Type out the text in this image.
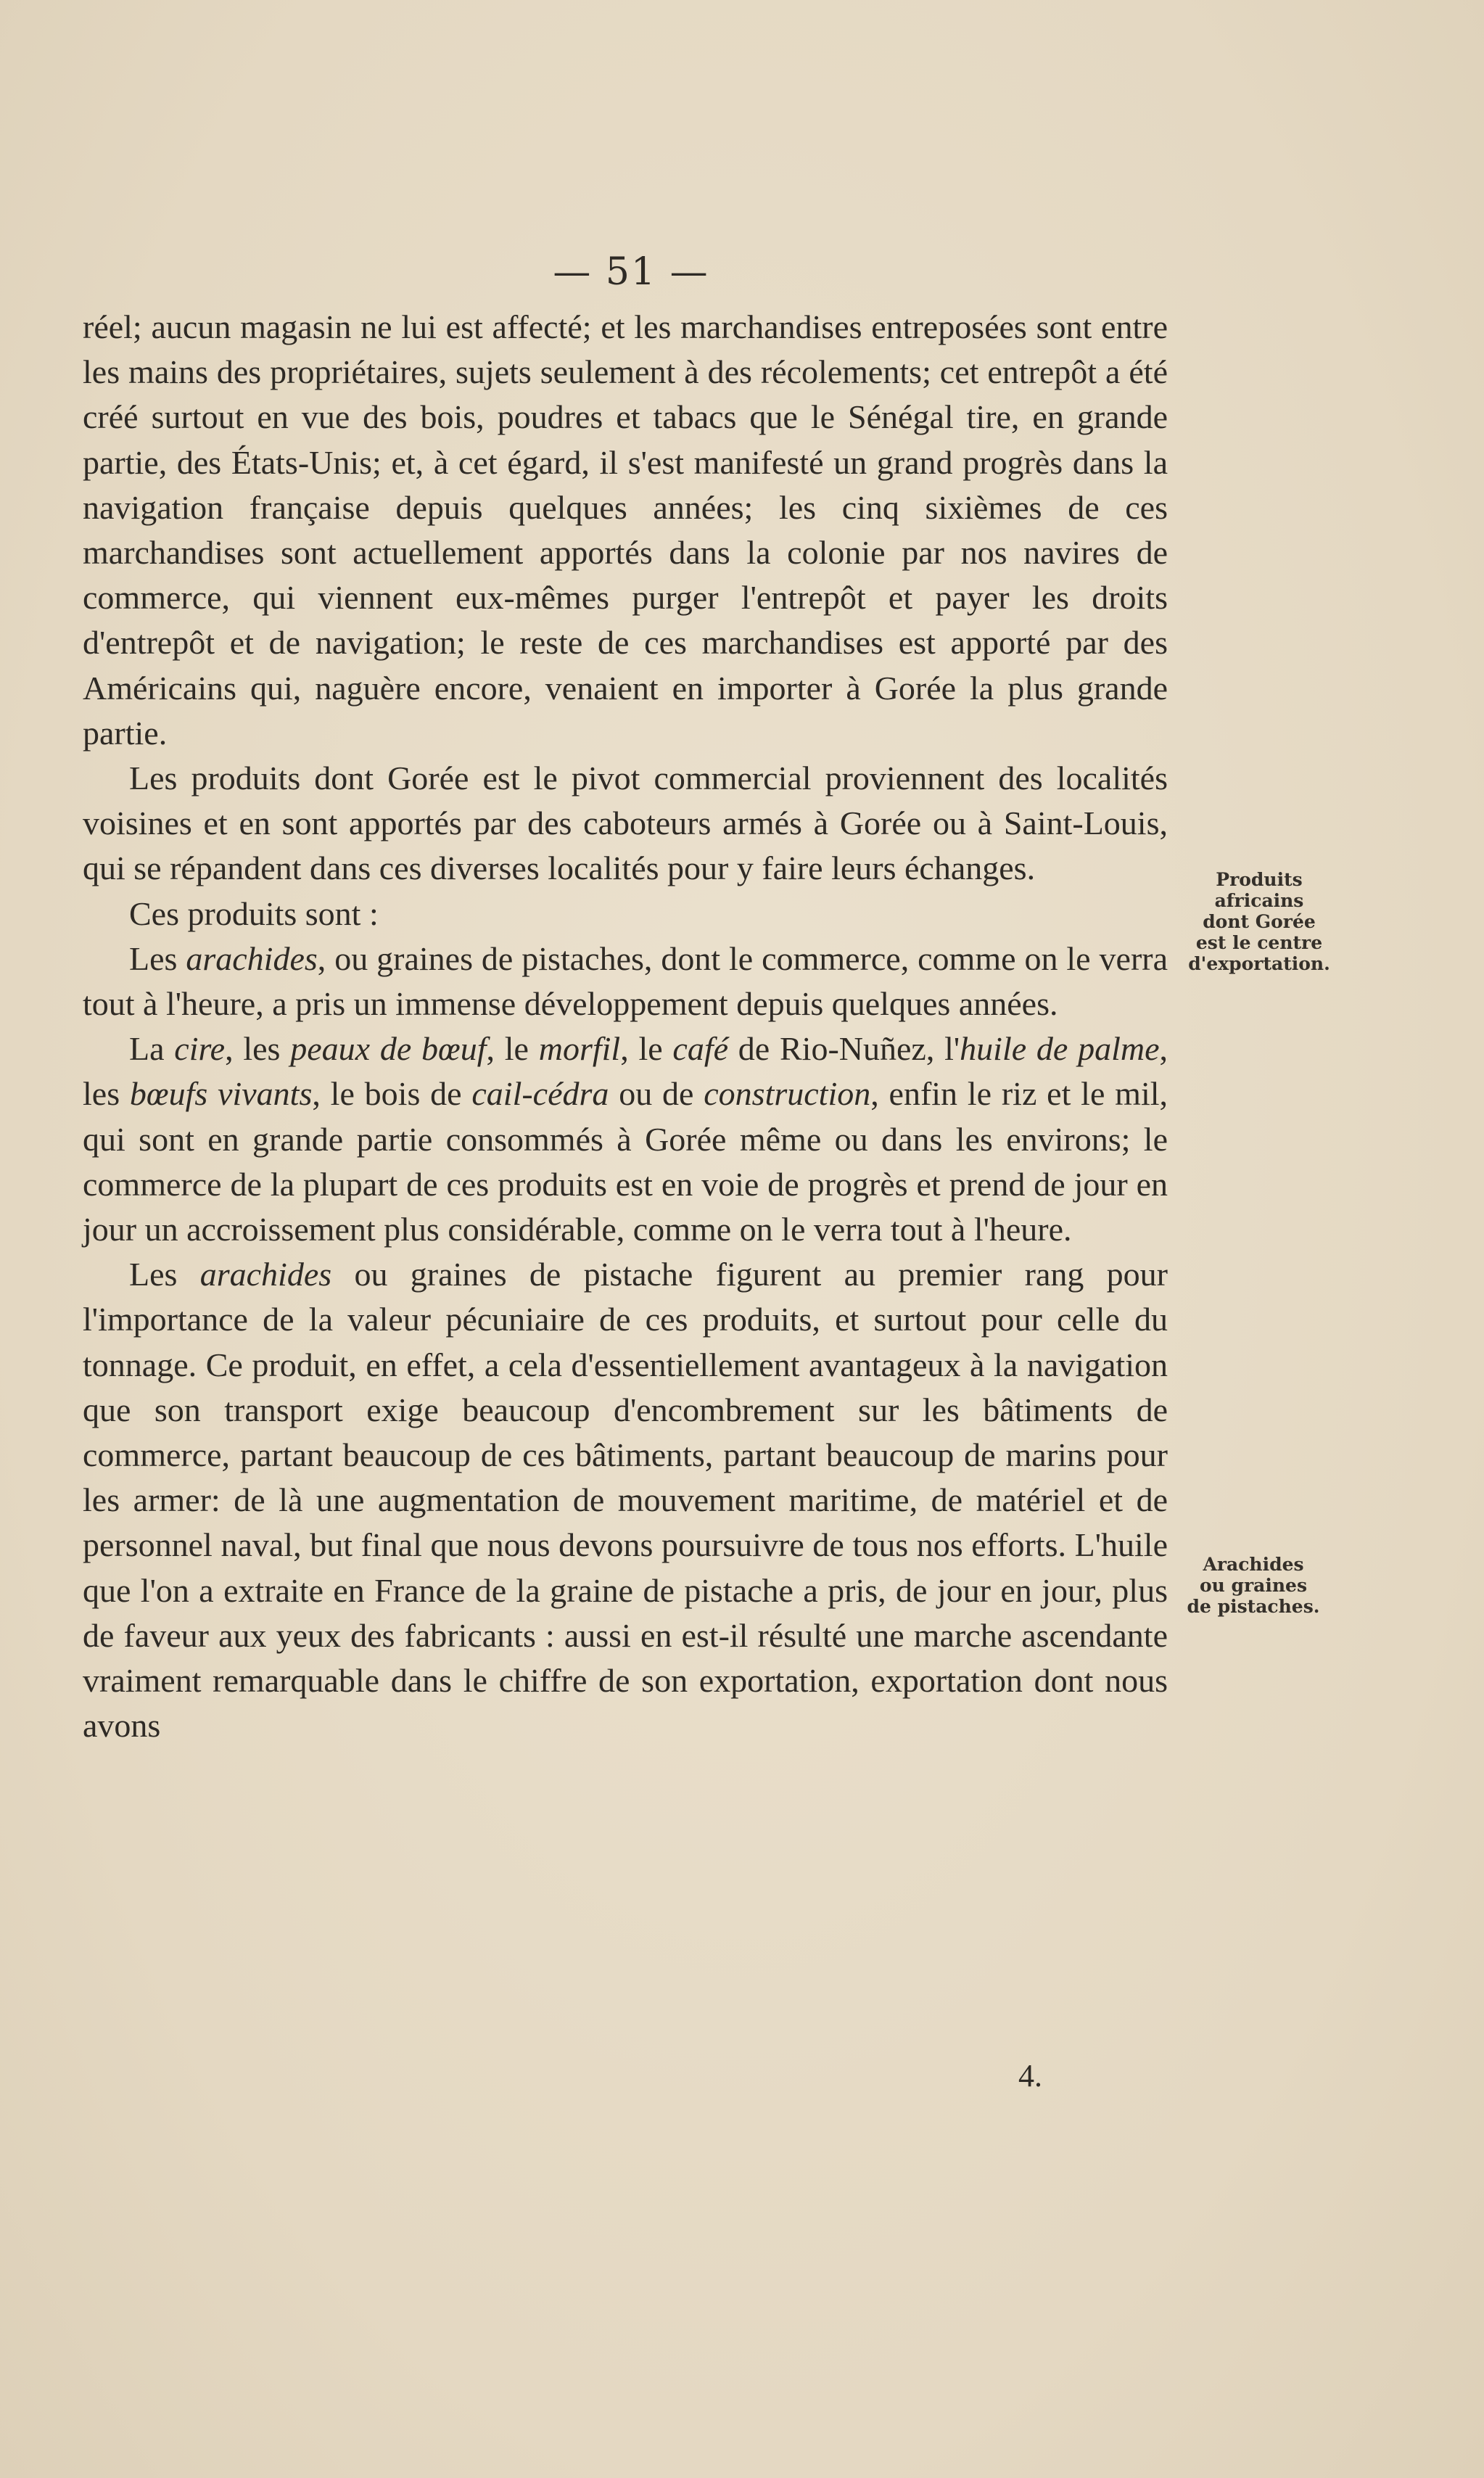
— 51 —

réel; aucun magasin ne lui est affecté; et les marchandises entreposées sont entre les mains des propriétaires, sujets seulement à des récolements; cet entrepôt a été créé surtout en vue des bois, poudres et tabacs que le Sénégal tire, en grande partie, des États-Unis; et, à cet égard, il s'est manifesté un grand progrès dans la navigation française depuis quelques années; les cinq sixièmes de ces marchandises sont actuellement apportés dans la colonie par nos navires de commerce, qui viennent eux-mêmes purger l'entrepôt et payer les droits d'entrepôt et de navigation; le reste de ces marchandises est apporté par des Américains qui, naguère encore, venaient en importer à Gorée la plus grande partie.

Les produits dont Gorée est le pivot commercial proviennent des localités voisines et en sont apportés par des caboteurs armés à Gorée ou à Saint-Louis, qui se répandent dans ces diverses localités pour y faire leurs échanges.

Ces produits sont :

Les arachides, ou graines de pistaches, dont le commerce, comme on le verra tout à l'heure, a pris un immense développement depuis quelques années.

La cire, les peaux de bœuf, le morfil, le café de Rio-Nuñez, l'huile de palme, les bœufs vivants, le bois de cail-cédra ou de construction, enfin le riz et le mil, qui sont en grande partie consommés à Gorée même ou dans les environs; le commerce de la plupart de ces produits est en voie de progrès et prend de jour en jour un accroissement plus considérable, comme on le verra tout à l'heure.

Les arachides ou graines de pistache figurent au premier rang pour l'importance de la valeur pécuniaire de ces produits, et surtout pour celle du tonnage. Ce produit, en effet, a cela d'essentiellement avantageux à la navigation que son transport exige beaucoup d'encombrement sur les bâtiments de commerce, partant beaucoup de ces bâtiments, partant beaucoup de marins pour les armer: de là une augmentation de mouvement maritime, de matériel et de personnel naval, but final que nous devons poursuivre de tous nos efforts. L'huile que l'on a extraite en France de la graine de pistache a pris, de jour en jour, plus de faveur aux yeux des fabricants : aussi en est-il résulté une marche ascendante vraiment remarquable dans le chiffre de son exportation, exportation dont nous avons

Produits
africains
dont Gorée
est le centre
d'exportation.
Arachides
ou graines
de pistaches.
4.
